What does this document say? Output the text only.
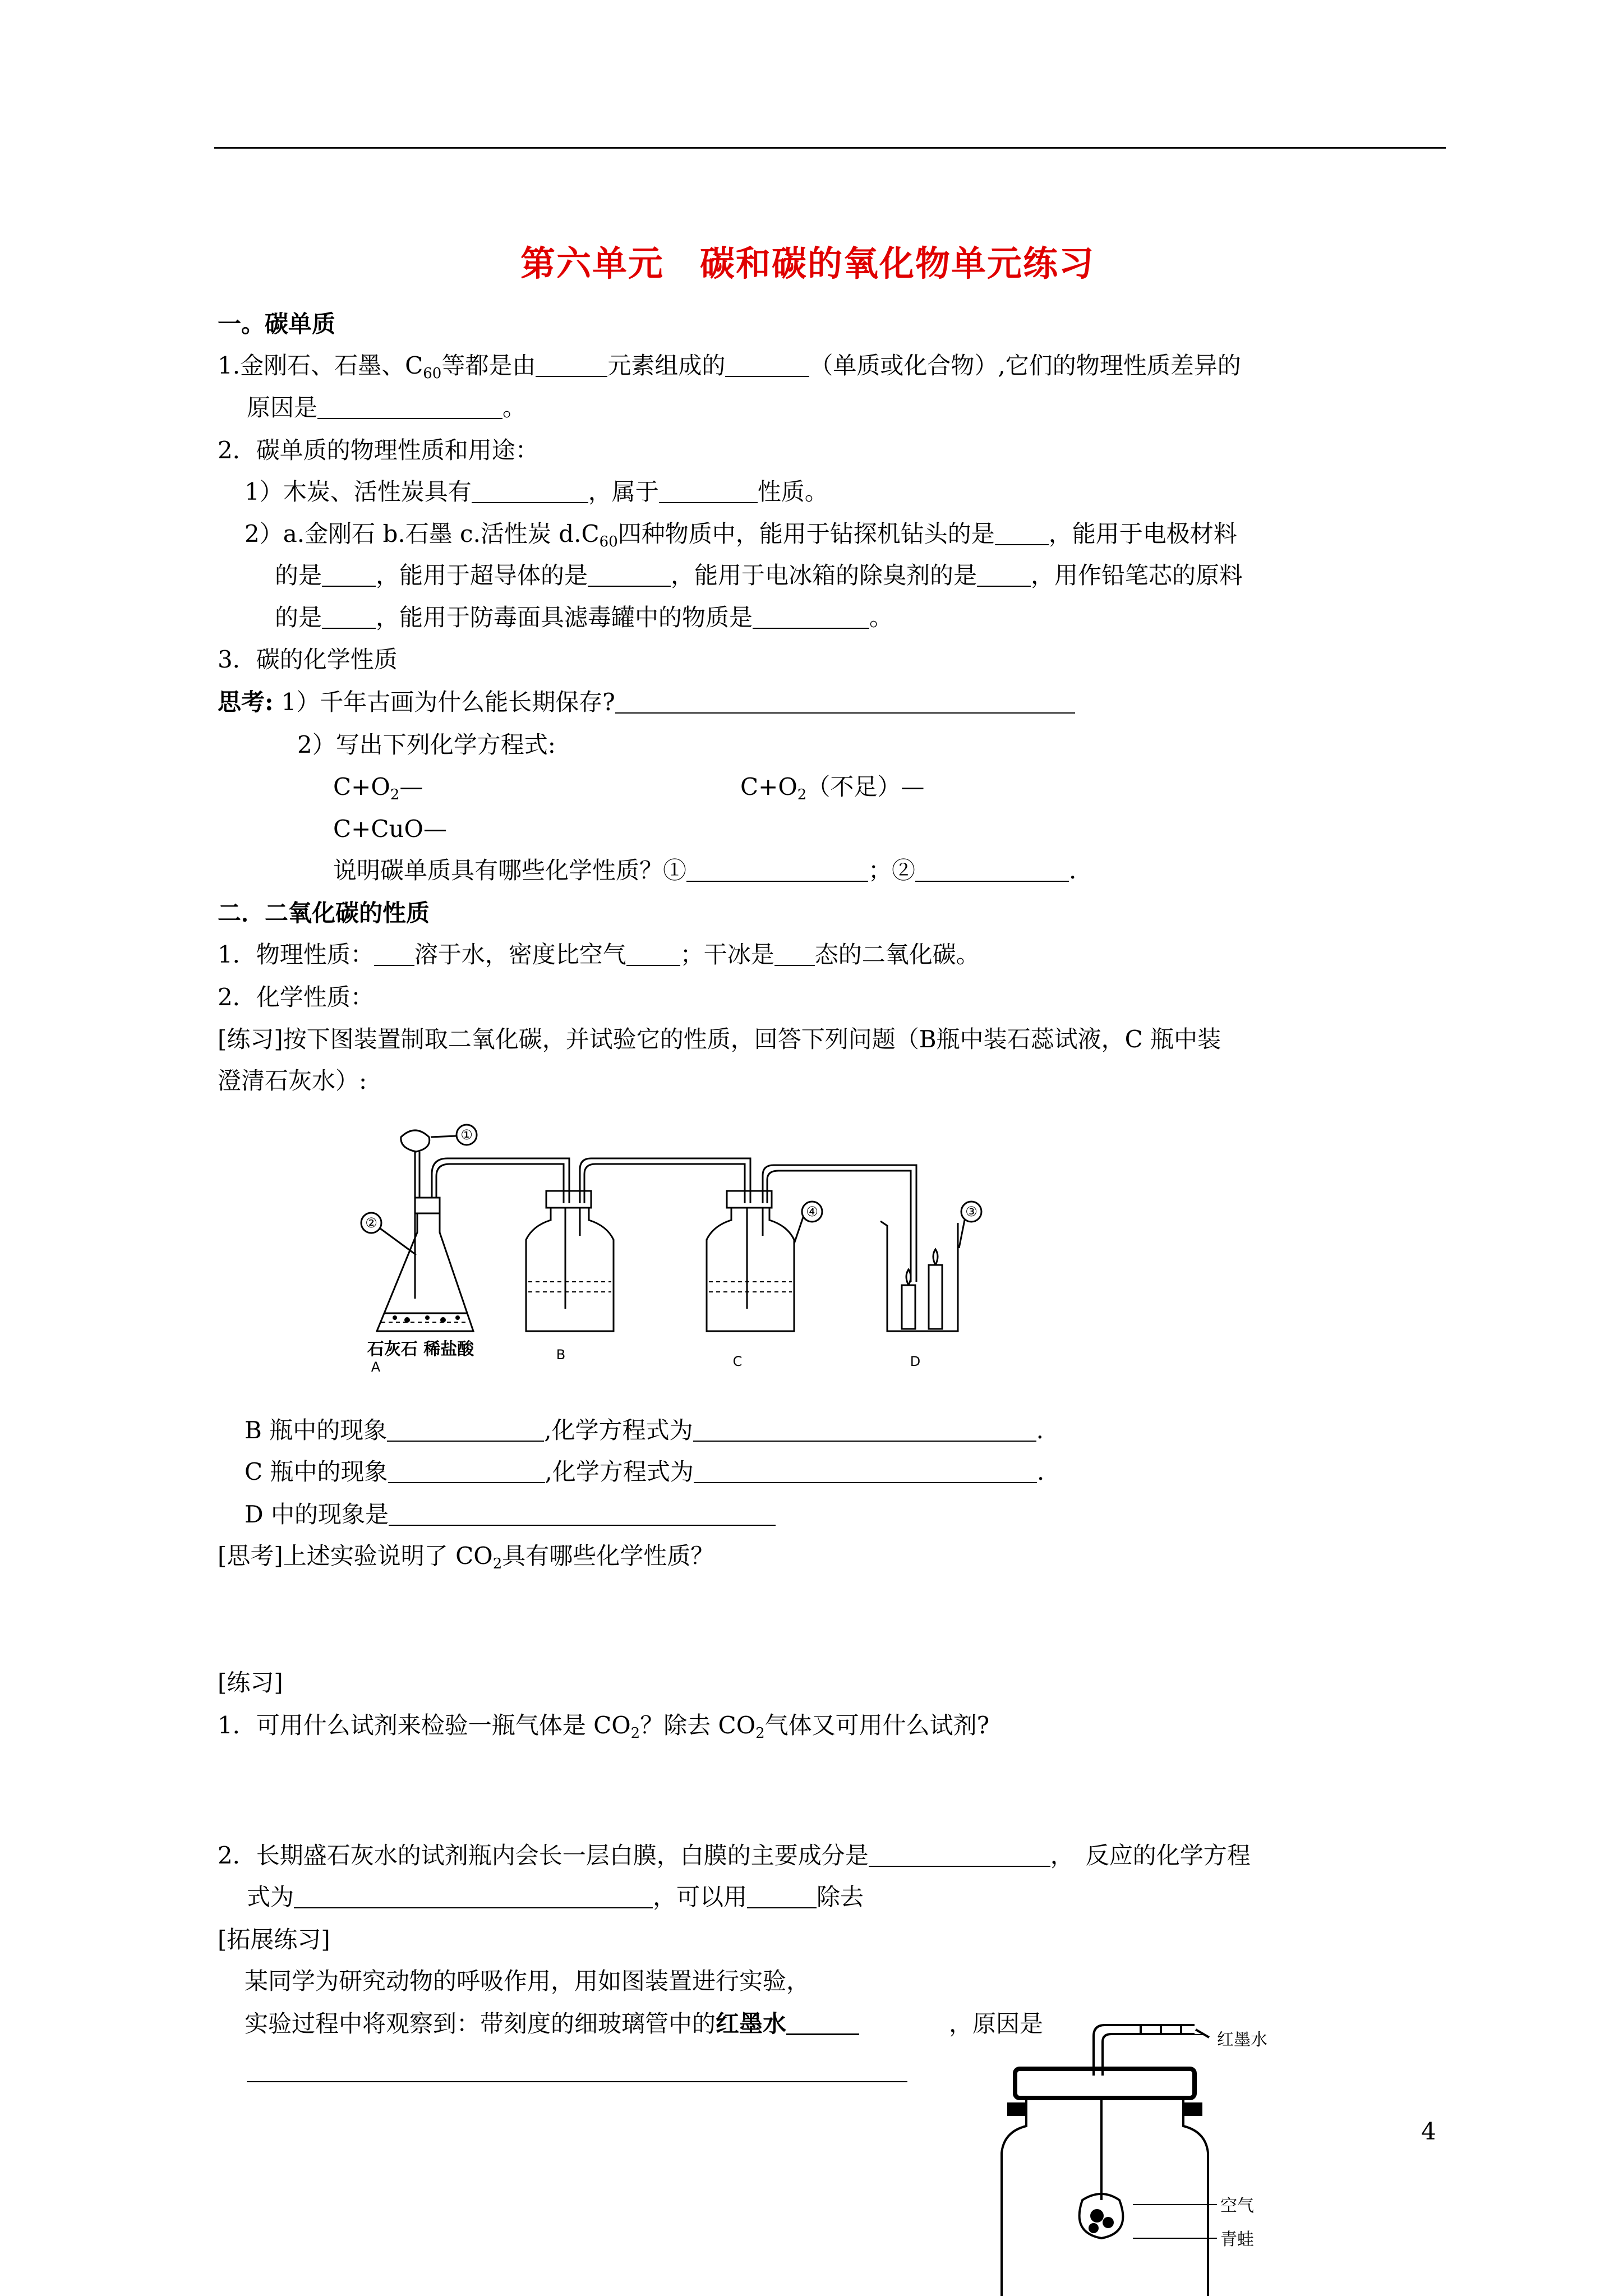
第六单元　碳和碳的氧化物单元练习
一。碳单质
1.金刚石、石墨、$C_{60}$等都是由	元素组成的	（单质或化合物）,它们的物理性质差异的
原因是	。
2．碳单质的物理性质和用途：
1）木炭、活性炭具有	，属于	性质。
2）a.金刚石 b.石墨 c.活性炭 $d.C_{60}$四种物质中，能用于钻探机钻头的是 ，能用于电极材料
的是 ，能用于超导体的是	，能用于电冰箱的除臭剂的是 ，用作铅笔芯的原料
的是 ，能用于防毒面具滤毒罐中的物质是	。
3．碳的化学性质
思考: 1）千年古画为什么能长期保存?
2）写出下列化学方程式:
$C+O_2—$	$C+O_2$（不足）—
C+CuO—
说明碳单质具有哪些化学性质？①	；②	.
二．二氧化碳的性质
1．物理性质： 溶于水，密度比空气 ；干冰是 态的二氧化碳。
2．化学性质：
[练习]按下图装置制取二氧化碳，并试验它的性质，回答下列问题（B瓶中装石蕊试液，C 瓶中装
澄清石灰水）:
①
②
④	③
石灰石 稀盐酸
A
B	C	D
B 瓶中的现象	,化学方程式为	.
C 瓶中的现象	,化学方程式为	.
D 中的现象是
[思考]上述实验说明了 $CO_2$具有哪些化学性质？
[练习]
1．可用什么试剂来检验一瓶气体是 $CO_2$？除去 $CO_2$气体又可用什么试剂?
2．长期盛石灰水的试剂瓶内会长一层白膜，白膜的主要成分是	，　反应的化学方程
式为	，可以用	除去
[拓展练习]
某同学为研究动物的呼吸作用，用如图装置进行实验，
实验过程中将观察到：带刻度的细玻璃管中的红墨水	，原因是
红墨水
空气
青蛙
4
